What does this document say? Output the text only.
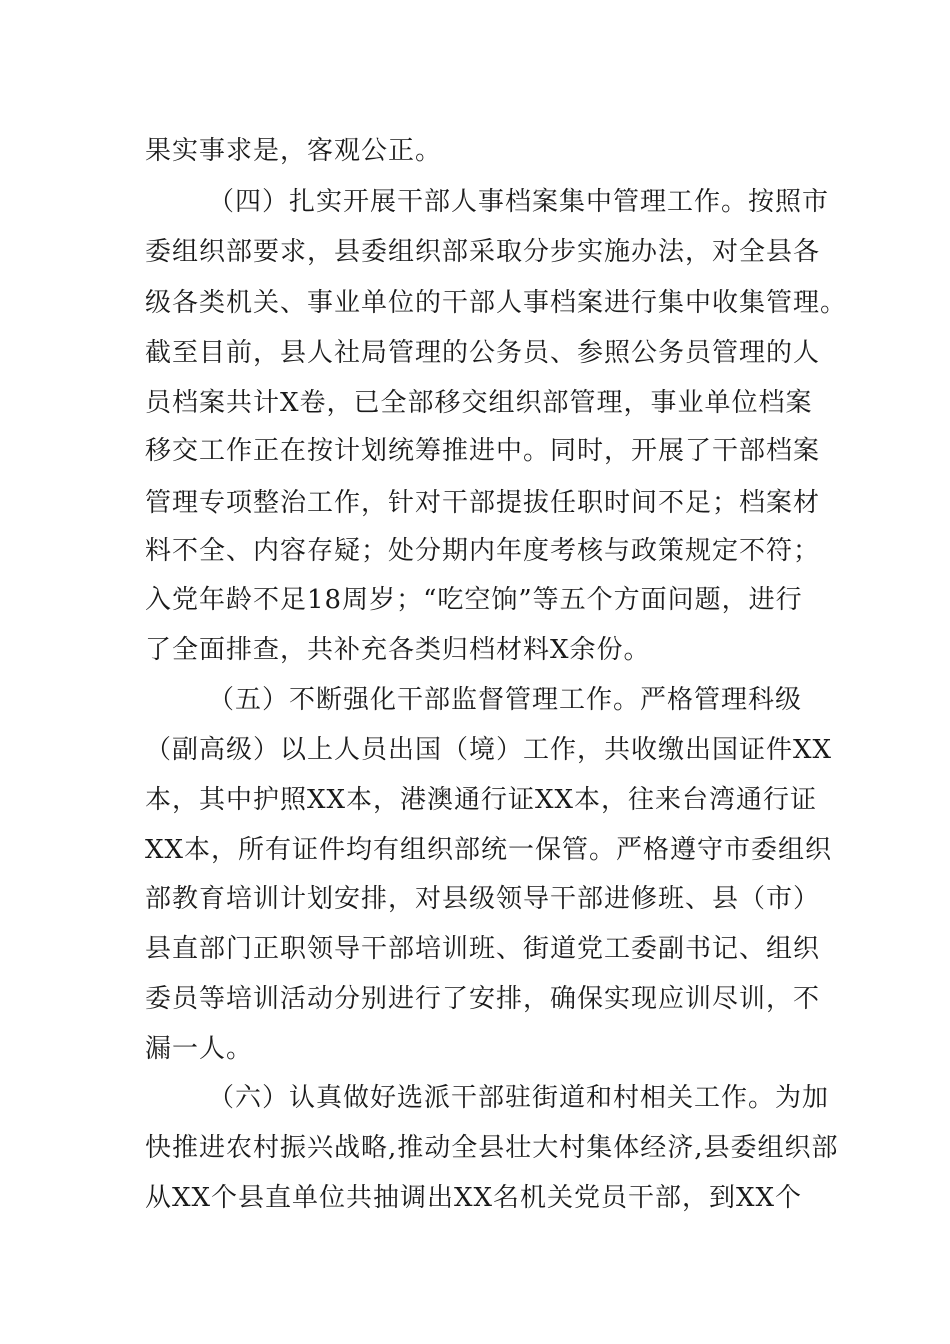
果实事求是，客观公正。
（四）扎实开展干部人事档案集中管理工作。按照市
委组织部要求，县委组织部采取分步实施办法，对全县各
级各类机关、事业单位的干部人事档案进行集中收集管理。
截至目前，县人社局管理的公务员、参照公务员管理的人
员档案共计X卷，已全部移交组织部管理，事业单位档案
移交工作正在按计划统筹推进中。同时，开展了干部档案
管理专项整治工作，针对干部提拔任职时间不足；档案材
料不全、内容存疑；处分期内年度考核与政策规定不符；
入党年龄不足18周岁；“吃空饷”等五个方面问题，进行
了全面排查，共补充各类归档材料X余份。
（五）不断强化干部监督管理工作。严格管理科级
（副高级）以上人员出国（境）工作，共收缴出国证件XX
本，其中护照XX本，港澳通行证XX本，往来台湾通行证
XX本，所有证件均有组织部统一保管。严格遵守市委组织
部教育培训计划安排，对县级领导干部进修班、县（市）
县直部门正职领导干部培训班、街道党工委副书记、组织
委员等培训活动分别进行了安排，确保实现应训尽训，不
漏一人。
（六）认真做好选派干部驻街道和村相关工作。为加
快推进农村振兴战略,推动全县壮大村集体经济,县委组织部
从XX个县直单位共抽调出XX名机关党员干部，到XX个
